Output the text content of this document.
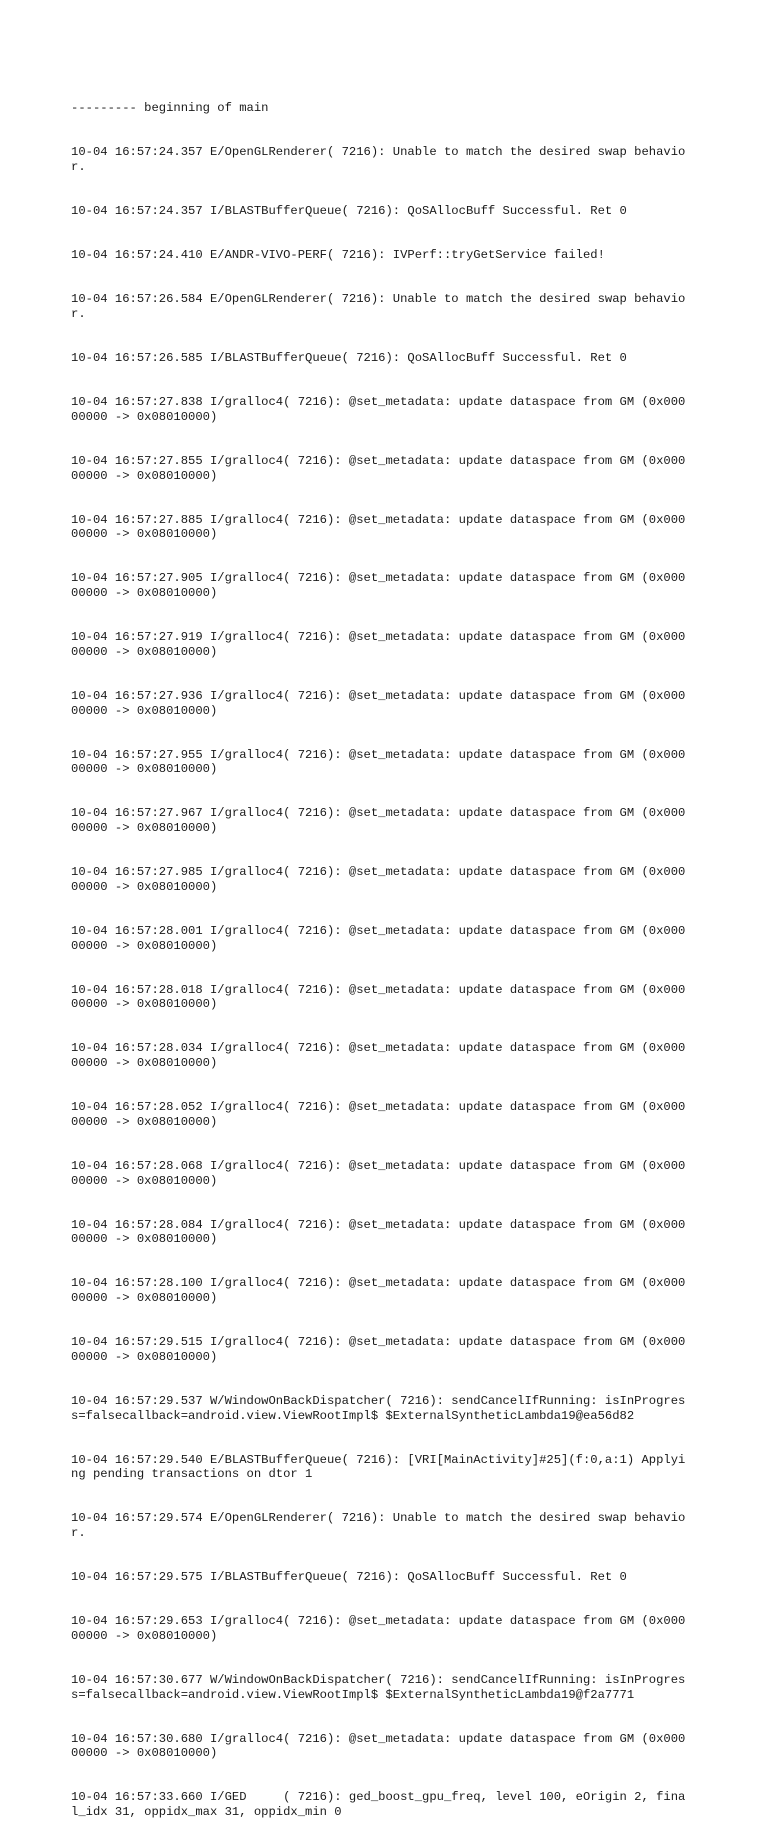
--------- beginning of main

10-04 16:57:24.357 E/OpenGLRenderer( 7216): Unable to match the desired swap behavior.

10-04 16:57:24.357 I/BLASTBufferQueue( 7216): QoSAllocBuff Successful. Ret 0

10-04 16:57:24.410 E/ANDR-VIVO-PERF( 7216): IVPerf::tryGetService failed!

10-04 16:57:26.584 E/OpenGLRenderer( 7216): Unable to match the desired swap behavior.

10-04 16:57:26.585 I/BLASTBufferQueue( 7216): QoSAllocBuff Successful. Ret 0

10-04 16:57:27.838 I/gralloc4( 7216): @set_metadata: update dataspace from GM (0x00000000 -> 0x08010000)

10-04 16:57:27.855 I/gralloc4( 7216): @set_metadata: update dataspace from GM (0x00000000 -> 0x08010000)

10-04 16:57:27.885 I/gralloc4( 7216): @set_metadata: update dataspace from GM (0x00000000 -> 0x08010000)

10-04 16:57:27.905 I/gralloc4( 7216): @set_metadata: update dataspace from GM (0x00000000 -> 0x08010000)

10-04 16:57:27.919 I/gralloc4( 7216): @set_metadata: update dataspace from GM (0x00000000 -> 0x08010000)

10-04 16:57:27.936 I/gralloc4( 7216): @set_metadata: update dataspace from GM (0x00000000 -> 0x08010000)

10-04 16:57:27.955 I/gralloc4( 7216): @set_metadata: update dataspace from GM (0x00000000 -> 0x08010000)

10-04 16:57:27.967 I/gralloc4( 7216): @set_metadata: update dataspace from GM (0x00000000 -> 0x08010000)

10-04 16:57:27.985 I/gralloc4( 7216): @set_metadata: update dataspace from GM (0x00000000 -> 0x08010000)

10-04 16:57:28.001 I/gralloc4( 7216): @set_metadata: update dataspace from GM (0x00000000 -> 0x08010000)

10-04 16:57:28.018 I/gralloc4( 7216): @set_metadata: update dataspace from GM (0x00000000 -> 0x08010000)

10-04 16:57:28.034 I/gralloc4( 7216): @set_metadata: update dataspace from GM (0x00000000 -> 0x08010000)

10-04 16:57:28.052 I/gralloc4( 7216): @set_metadata: update dataspace from GM (0x00000000 -> 0x08010000)

10-04 16:57:28.068 I/gralloc4( 7216): @set_metadata: update dataspace from GM (0x00000000 -> 0x08010000)

10-04 16:57:28.084 I/gralloc4( 7216): @set_metadata: update dataspace from GM (0x00000000 -> 0x08010000)

10-04 16:57:28.100 I/gralloc4( 7216): @set_metadata: update dataspace from GM (0x00000000 -> 0x08010000)

10-04 16:57:29.515 I/gralloc4( 7216): @set_metadata: update dataspace from GM (0x00000000 -> 0x08010000)

10-04 16:57:29.537 W/WindowOnBackDispatcher( 7216): sendCancelIfRunning: isInProgress=falsecallback=android.view.ViewRootImpl$ $ExternalSyntheticLambda19@ea56d82

10-04 16:57:29.540 E/BLASTBufferQueue( 7216): [VRI[MainActivity]#25](f:0,a:1) Applying pending transactions on dtor 1

10-04 16:57:29.574 E/OpenGLRenderer( 7216): Unable to match the desired swap behavior.

10-04 16:57:29.575 I/BLASTBufferQueue( 7216): QoSAllocBuff Successful. Ret 0

10-04 16:57:29.653 I/gralloc4( 7216): @set_metadata: update dataspace from GM (0x00000000 -> 0x08010000)

10-04 16:57:30.677 W/WindowOnBackDispatcher( 7216): sendCancelIfRunning: isInProgress=falsecallback=android.view.ViewRootImpl$ $ExternalSyntheticLambda19@f2a7771

10-04 16:57:30.680 I/gralloc4( 7216): @set_metadata: update dataspace from GM (0x00000000 -> 0x08010000)

10-04 16:57:33.660 I/GED     ( 7216): ged_boost_gpu_freq, level 100, eOrigin 2, final_idx 31, oppidx_max 31, oppidx_min 0
